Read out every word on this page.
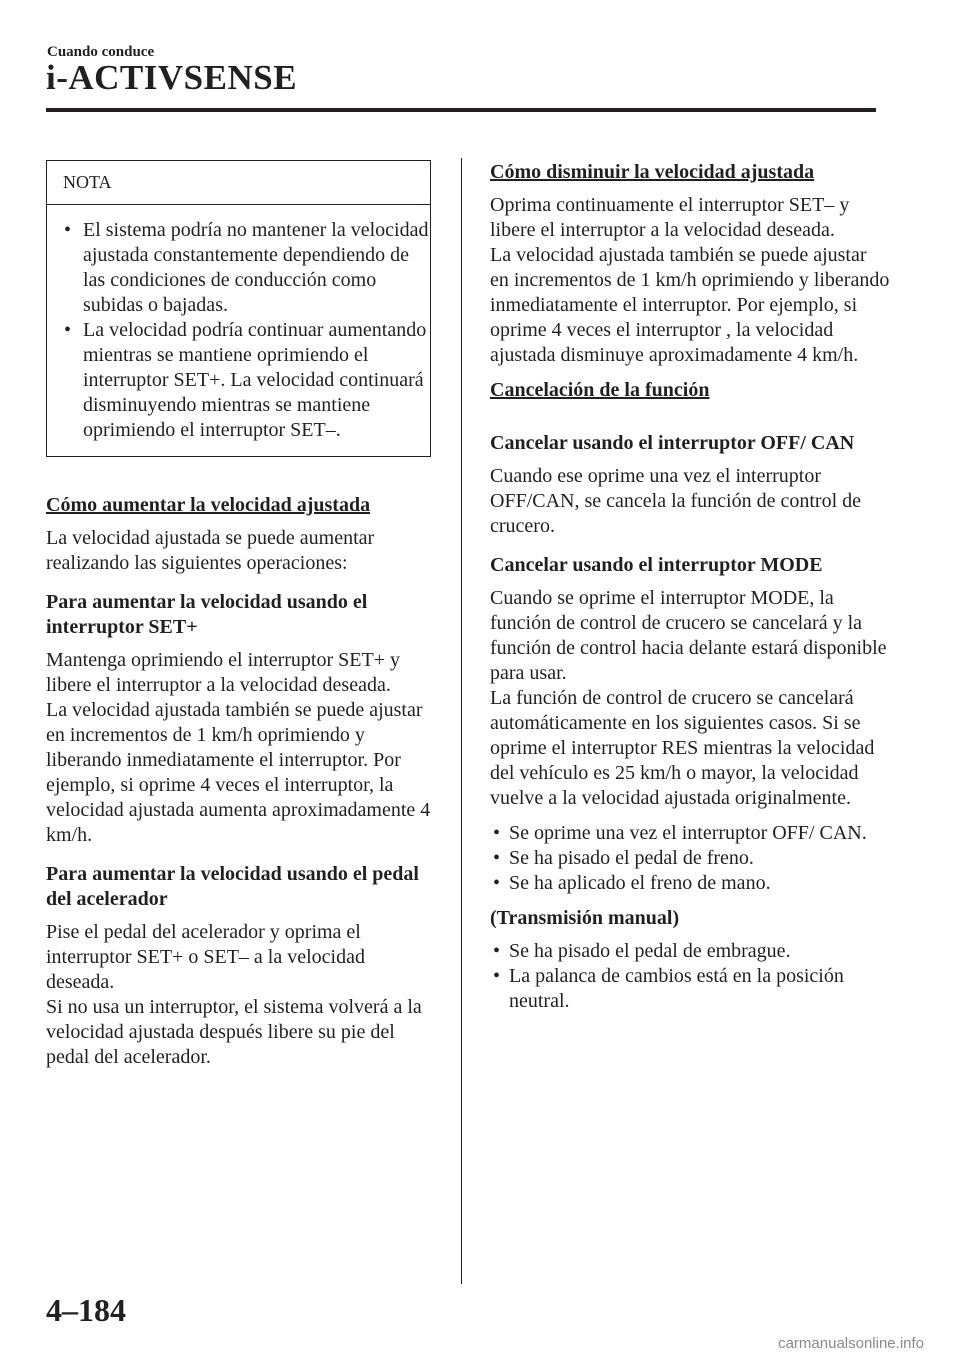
Cuando conduce
i-ACTIVSENSE
NOTA
• El sistema podría no mantener la velocidad ajustada constantemente dependiendo de las condiciones de conducción como subidas o bajadas.
• La velocidad podría continuar aumentando mientras se mantiene oprimiendo el interruptor SET+. La velocidad continuará disminuyendo mientras se mantiene oprimiendo el interruptor SET–.

Cómo aumentar la velocidad ajustada

La velocidad ajustada se puede aumentar realizando las siguientes operaciones:

Para aumentar la velocidad usando el interruptor SET+

Mantenga oprimiendo el interruptor SET+ y libere el interruptor a la velocidad deseada.

La velocidad ajustada también se puede ajustar en incrementos de 1 km/h oprimiendo y liberando inmediatamente el interruptor. Por ejemplo, si oprime 4 veces el interruptor, la velocidad ajustada aumenta aproximadamente 4 km/h.

Para aumentar la velocidad usando el pedal del acelerador

Pise el pedal del acelerador y oprima el interruptor SET+ o SET– a la velocidad deseada.

Si no usa un interruptor, el sistema volverá a la velocidad ajustada después libere su pie del pedal del acelerador.

Cómo disminuir la velocidad ajustada

Oprima continuamente el interruptor SET– y libere el interruptor a la velocidad deseada.

La velocidad ajustada también se puede ajustar en incrementos de 1 km/h oprimiendo y liberando inmediatamente el interruptor. Por ejemplo, si oprime 4 veces el interruptor , la velocidad ajustada disminuye aproximadamente 4 km/h.

Cancelación de la función

Cancelar usando el interruptor OFF/ CAN

Cuando ese oprime una vez el interruptor OFF/CAN, se cancela la función de control de crucero.

Cancelar usando el interruptor MODE

Cuando se oprime el interruptor MODE, la función de control de crucero se cancelará y la función de control hacia delante estará disponible para usar.

La función de control de crucero se cancelará automáticamente en los siguientes casos. Si se oprime el interruptor RES mientras la velocidad del vehículo es 25 km/h o mayor, la velocidad vuelve a la velocidad ajustada originalmente.

• Se oprime una vez el interruptor OFF/ CAN.
• Se ha pisado el pedal de freno.
• Se ha aplicado el freno de mano.

(Transmisión manual)

• Se ha pisado el pedal de embrague.
• La palanca de cambios está en la posición neutral.
4–184
carmanualsonline.info
